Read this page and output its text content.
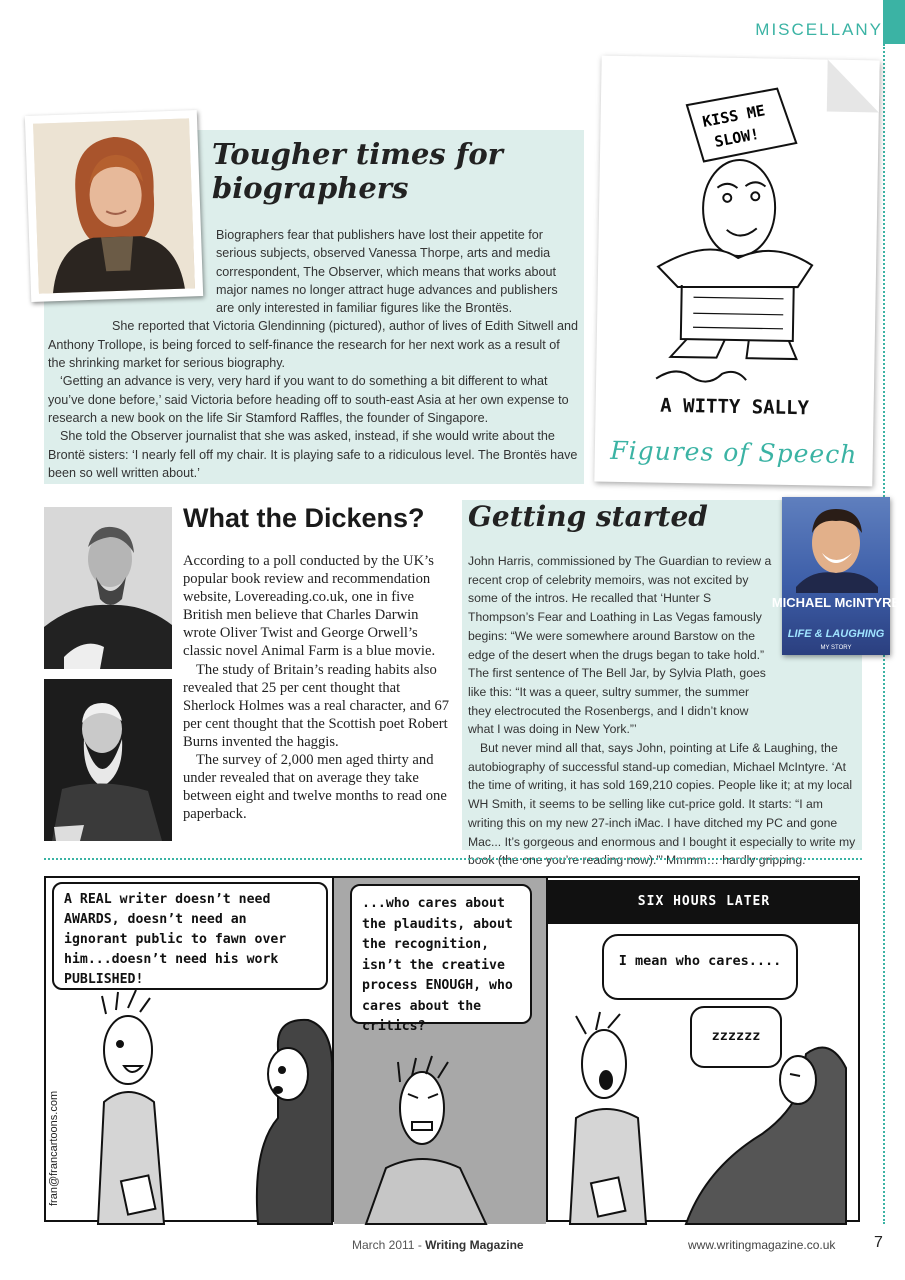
MISCELLANY
Tougher times for biographers

Biographers fear that publishers have lost their appetite for serious subjects, observed Vanessa Thorpe, arts and media correspondent, The Observer, which means that works about major names no longer attract huge advances and publishers are only interested in familiar figures like the Brontës.

She reported that Victoria Glendinning (pictured), author of lives of Edith Sitwell and Anthony Trollope, is being forced to self-finance the research for her next work as a result of the shrinking market for serious biography.

‘Getting an advance is very, very hard if you want to do something a bit different to what you’ve done before,’ said Victoria before heading off to south-east Asia at her own expense to research a new book on the life Sir Stamford Raffles, the founder of Singapore.

She told the Observer journalist that she was asked, instead, if she would write about the Brontë sisters: ‘I nearly fell off my chair. It is playing safe to a ridiculous level. The Brontës have been so well written about.’

KISS ME SLOW!
A WITTY SALLY
Figures of Speech
What the Dickens?

According to a poll conducted by the UK’s popular book review and recommendation website, Lovereading.co.uk, one in five British men believe that Charles Darwin wrote Oliver Twist and George Orwell’s classic novel Animal Farm is a blue movie.

The study of Britain’s reading habits also revealed that 25 per cent thought that Sherlock Holmes was a real character, and 67 per cent thought that the Scottish poet Robert Burns invented the haggis.

The survey of 2,000 men aged thirty and under revealed that on average they take between eight and twelve months to read one paperback.

Getting started
MICHAEL McINTYRE
LIFE & LAUGHING
MY STORY

John Harris, commissioned by The Guardian to review a recent crop of celebrity memoirs, was not excited by some of the intros. He recalled that ‘Hunter S Thompson’s Fear and Loathing in Las Vegas famously begins: “We were somewhere around Barstow on the edge of the desert when the drugs began to take hold.” The first sentence of The Bell Jar, by Sylvia Plath, goes like this: “It was a queer, sultry summer, the summer they electrocuted the Rosenbergs, and I didn’t know what I was doing in New York.”’

But never mind all that, says John, pointing at Life & Laughing, the autobiography of successful stand-up comedian, Michael McIntyre. ‘At the time of writing, it has sold 169,210 copies. People like it; at my local WH Smith, it seems to be selling like cut-price gold. It starts: “I am writing this on my new 27-inch iMac. I have ditched my PC and gone Mac... It’s gorgeous and enormous and I bought it especially to write my book (the one you’re reading now).”’ Mmmm… hardly gripping.

A REAL writer doesn’t need AWARDS, doesn’t need an ignorant public to fawn over him...doesn’t need his work PUBLISHED!
...who cares about the plaudits, about the recognition, isn’t the creative process ENOUGH, who cares about the critics?
SIX HOURS LATER
I mean who cares....
zzzzzz
fran@francartoons.com
March 2011 - Writing Magazine	www.writingmagazine.co.uk 7
